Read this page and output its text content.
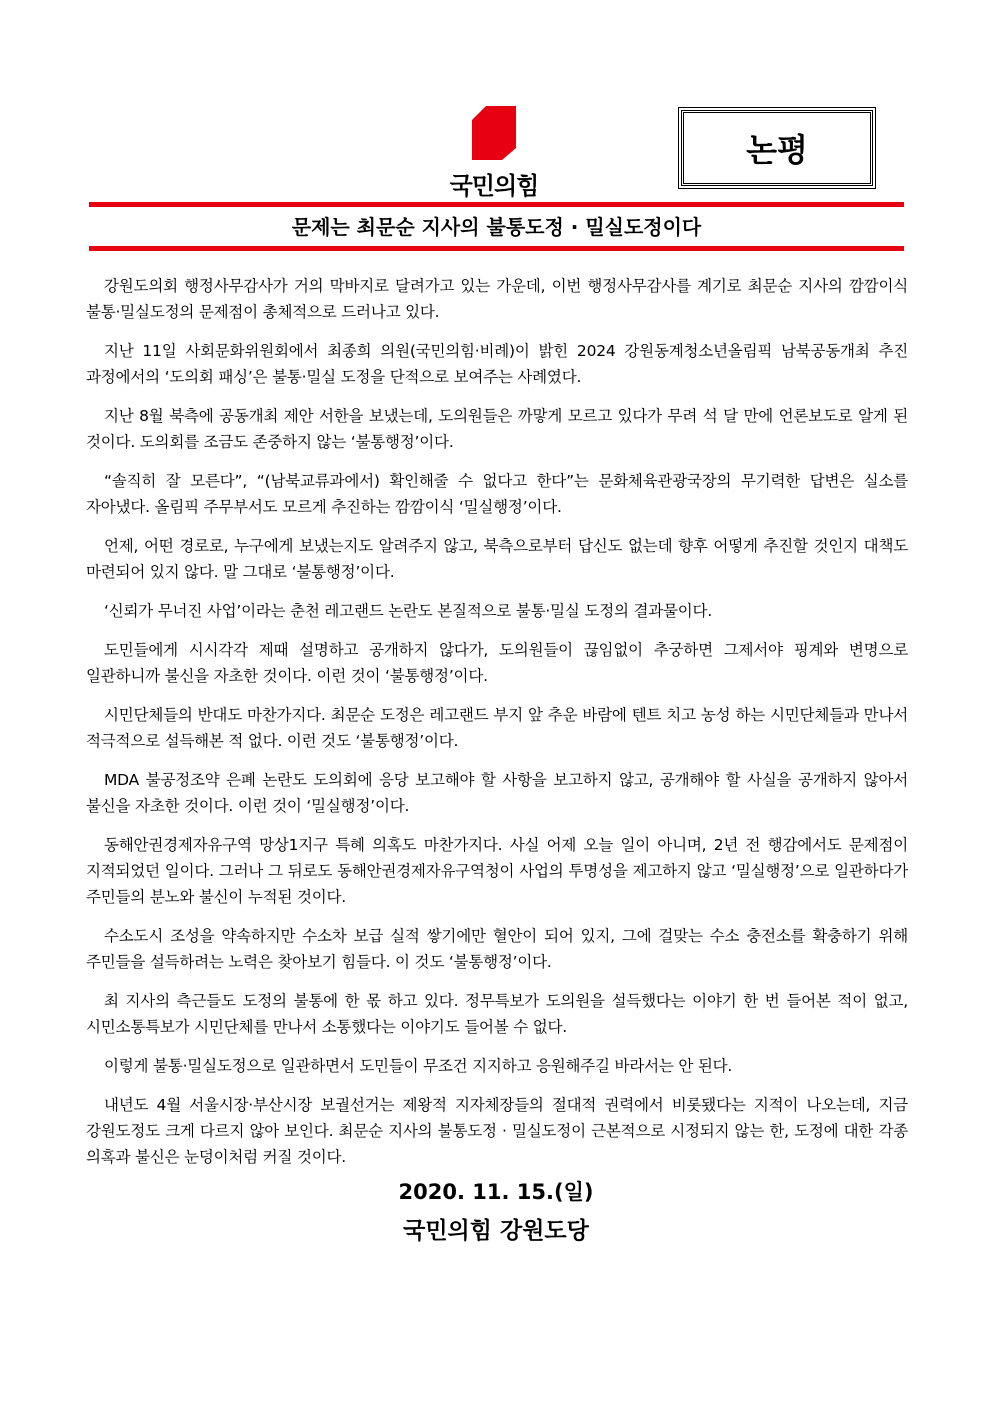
국민의힘
논평
문제는 최문순 지사의 불통도정 · 밀실도정이다

강원도의회 행정사무감사가 거의 막바지로 달려가고 있는 가운데, 이번 행정사무감사를 계기로 최문순 지사의 깜깜이식 불통·밀실도정의 문제점이 총체적으로 드러나고 있다.

지난 11일 사회문화위원회에서 최종희 의원(국민의힘·비례)이 밝힌 2024 강원동계청소년올림픽 남북공동개최 추진 과정에서의 ‘도의회 패싱’은 불통·밀실 도정을 단적으로 보여주는 사례였다.

지난 8월 북측에 공동개최 제안 서한을 보냈는데, 도의원들은 까맣게 모르고 있다가 무려 석 달 만에 언론보도로 알게 된 것이다. 도의회를 조금도 존중하지 않는 ‘불통행정’이다.

“솔직히 잘 모른다”, “(남북교류과에서) 확인해줄 수 없다고 한다”는 문화체육관광국장의 무기력한 답변은 실소를 자아냈다. 올림픽 주무부서도 모르게 추진하는 깜깜이식 ‘밀실행정’이다.

언제, 어떤 경로로, 누구에게 보냈는지도 알려주지 않고, 북측으로부터 답신도 없는데 향후 어떻게 추진할 것인지 대책도 마련되어 있지 않다. 말 그대로 ‘불통행정’이다.

‘신뢰가 무너진 사업’이라는 춘천 레고랜드 논란도 본질적으로 불통·밀실 도정의 결과물이다.

도민들에게 시시각각 제때 설명하고 공개하지 않다가, 도의원들이 끊임없이 추궁하면 그제서야 핑계와 변명으로 일관하니까 불신을 자초한 것이다. 이런 것이 ‘불통행정’이다.

시민단체들의 반대도 마찬가지다. 최문순 도정은 레고랜드 부지 앞 추운 바람에 텐트 치고 농성 하는 시민단체들과 만나서 적극적으로 설득해본 적 없다. 이런 것도 ‘불통행정’이다.

MDA 불공정조약 은폐 논란도 도의회에 응당 보고해야 할 사항을 보고하지 않고, 공개해야 할 사실을 공개하지 않아서 불신을 자초한 것이다. 이런 것이 ‘밀실행정’이다.

동해안권경제자유구역 망상1지구 특혜 의혹도 마찬가지다. 사실 어제 오늘 일이 아니며, 2년 전 행감에서도 문제점이 지적되었던 일이다. 그러나 그 뒤로도 동해안권경제자유구역청이 사업의 투명성을 제고하지 않고 ‘밀실행정’으로 일관하다가 주민들의 분노와 불신이 누적된 것이다.

수소도시 조성을 약속하지만 수소차 보급 실적 쌓기에만 혈안이 되어 있지, 그에 걸맞는 수소 충전소를 확충하기 위해 주민들을 설득하려는 노력은 찾아보기 힘들다. 이 것도 ‘불통행정’이다.

최 지사의 측근들도 도정의 불통에 한 몫 하고 있다. 정무특보가 도의원을 설득했다는 이야기 한 번 들어본 적이 없고, 시민소통특보가 시민단체를 만나서 소통했다는 이야기도 들어볼 수 없다.

이렇게 불통·밀실도정으로 일관하면서 도민들이 무조건 지지하고 응원해주길 바라서는 안 된다.

내년도 4월 서울시장·부산시장 보궐선거는 제왕적 지자체장들의 절대적 권력에서 비롯됐다는 지적이 나오는데, 지금 강원도정도 크게 다르지 않아 보인다. 최문순 지사의 불통도정 · 밀실도정이 근본적으로 시정되지 않는 한, 도정에 대한 각종 의혹과 불신은 눈덩이처럼 커질 것이다.

2020. 11. 15.(일)
국민의힘 강원도당
